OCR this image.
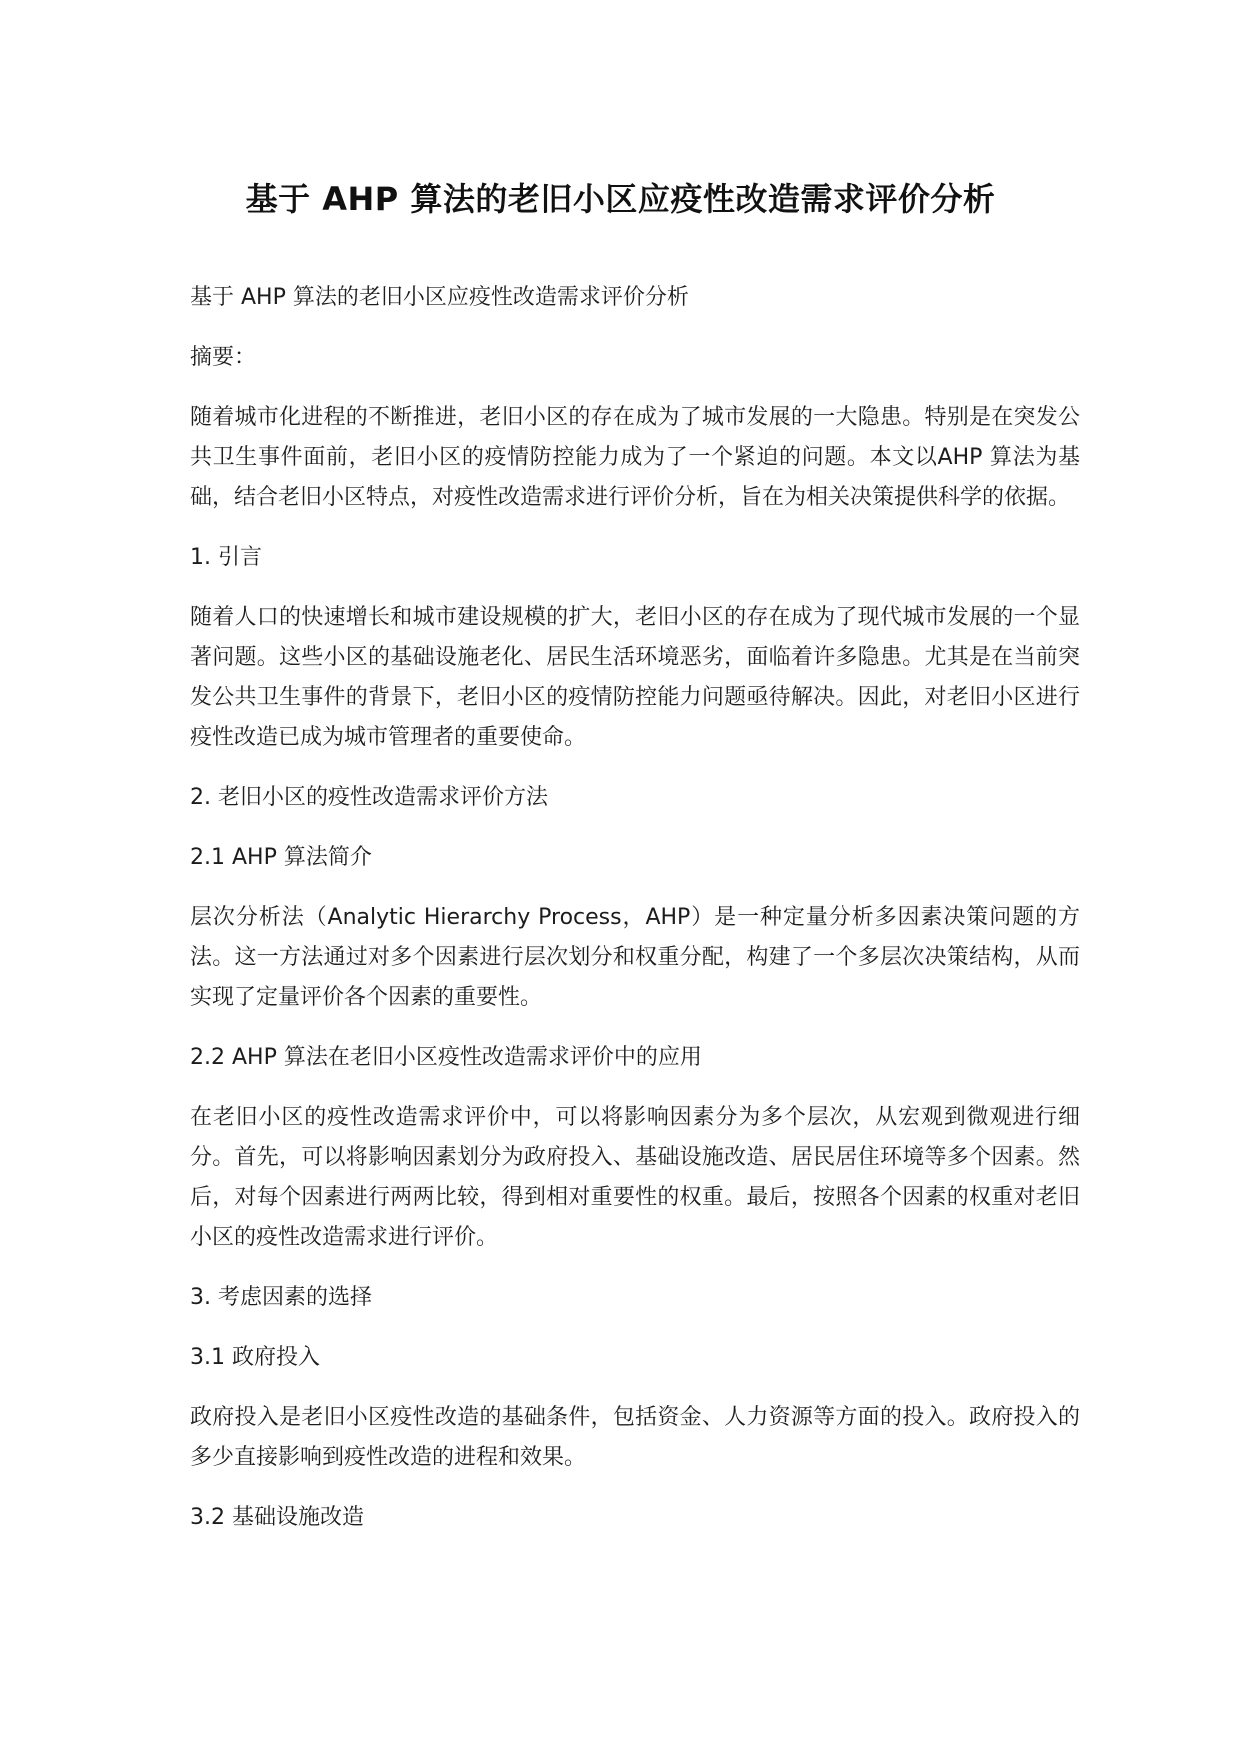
基于 AHP 算法的老旧小区应疫性改造需求评价分析

基于 AHP 算法的老旧小区应疫性改造需求评价分析

摘要：

随着城市化进程的不断推进，老旧小区的存在成为了城市发展的一大隐患。特别是在突发公共卫生事件面前，老旧小区的疫情防控能力成为了一个紧迫的问题。本文以AHP 算法为基础，结合老旧小区特点，对疫性改造需求进行评价分析，旨在为相关决策提供科学的依据。

1. 引言

随着人口的快速增长和城市建设规模的扩大，老旧小区的存在成为了现代城市发展的一个显著问题。这些小区的基础设施老化、居民生活环境恶劣，面临着许多隐患。尤其是在当前突发公共卫生事件的背景下，老旧小区的疫情防控能力问题亟待解决。因此，对老旧小区进行疫性改造已成为城市管理者的重要使命。

2. 老旧小区的疫性改造需求评价方法

2.1 AHP 算法简介

层次分析法（Analytic Hierarchy Process，AHP）是一种定量分析多因素决策问题的方法。这一方法通过对多个因素进行层次划分和权重分配，构建了一个多层次决策结构，从而实现了定量评价各个因素的重要性。

2.2 AHP 算法在老旧小区疫性改造需求评价中的应用

在老旧小区的疫性改造需求评价中，可以将影响因素分为多个层次，从宏观到微观进行细分。首先，可以将影响因素划分为政府投入、基础设施改造、居民居住环境等多个因素。然后，对每个因素进行两两比较，得到相对重要性的权重。最后，按照各个因素的权重对老旧小区的疫性改造需求进行评价。

3. 考虑因素的选择

3.1 政府投入

政府投入是老旧小区疫性改造的基础条件，包括资金、人力资源等方面的投入。政府投入的多少直接影响到疫性改造的进程和效果。

3.2 基础设施改造
